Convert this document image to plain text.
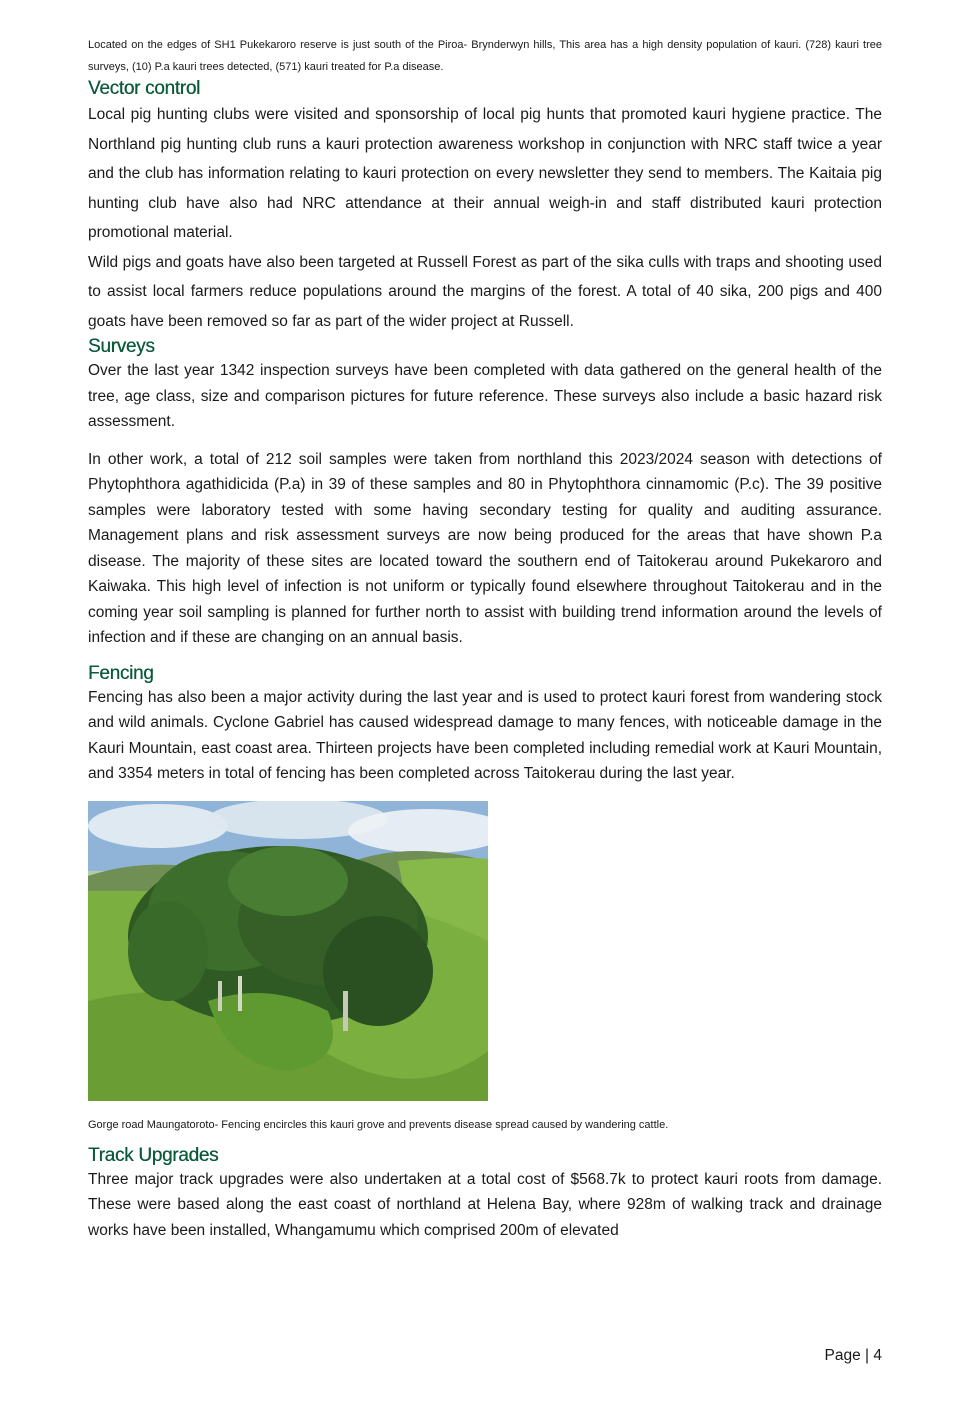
Located on the edges of SH1 Pukekaroro reserve is just south of the Piroa- Brynderwyn hills, This area has a high density population of kauri. (728) kauri tree surveys, (10) P.a kauri trees detected, (571) kauri treated for P.a disease.

Vector control

Local pig hunting clubs were visited and sponsorship of local pig hunts that promoted kauri hygiene practice. The Northland pig hunting club runs a kauri protection awareness workshop in conjunction with NRC staff twice a year and the club has information relating to kauri protection on every newsletter they send to members. The Kaitaia pig hunting club have also had NRC attendance at their annual weigh-in and staff distributed kauri protection promotional material.

Wild pigs and goats have also been targeted at Russell Forest as part of the sika culls with traps and shooting used to assist local farmers reduce populations around the margins of the forest. A total of 40 sika, 200 pigs and 400 goats have been removed so far as part of the wider project at Russell.

Surveys

Over the last year 1342 inspection surveys have been completed with data gathered on the general health of the tree, age class, size and comparison pictures for future reference. These surveys also include a basic hazard risk assessment.

In other work, a total of 212 soil samples were taken from northland this 2023/2024 season with detections of Phytophthora agathidicida (P.a) in 39 of these samples and 80 in Phytophthora cinnamomic (P.c). The 39 positive samples were laboratory tested with some having secondary testing for quality and auditing assurance. Management plans and risk assessment surveys are now being produced for the areas that have shown P.a disease. The majority of these sites are located toward the southern end of Taitokerau around Pukekaroro and Kaiwaka. This high level of infection is not uniform or typically found elsewhere throughout Taitokerau and in the coming year soil sampling is planned for further north to assist with building trend information around the levels of infection and if these are changing on an annual basis.

Fencing

Fencing has also been a major activity during the last year and is used to protect kauri forest from wandering stock and wild animals. Cyclone Gabriel has caused widespread damage to many fences, with noticeable damage in the Kauri Mountain, east coast area. Thirteen projects have been completed including remedial work at Kauri Mountain, and 3354 meters in total of fencing has been completed across Taitokerau during the last year.

Gorge road Maungatoroto- Fencing encircles this kauri grove and prevents disease spread caused by wandering cattle.

Track Upgrades

Three major track upgrades were also undertaken at a total cost of $568.7k to protect kauri roots from damage. These were based along the east coast of northland at Helena Bay, where 928m of walking track and drainage works have been installed, Whangamumu which comprised 200m of elevated

Page | 4
